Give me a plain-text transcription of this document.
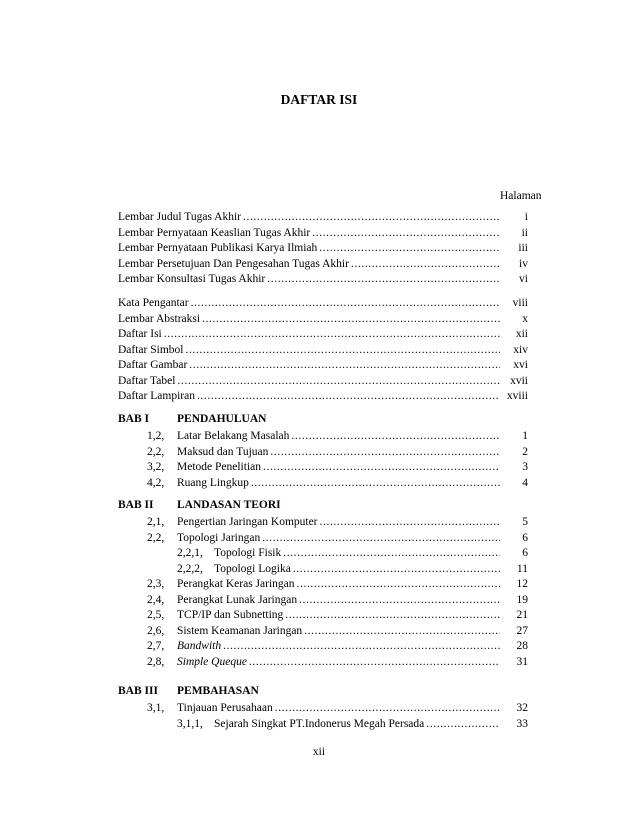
DAFTAR ISI
Halaman
Lembar Judul Tugas Akhir .....	i
Lembar Pernyataan Keaslian Tugas Akhir .....	ii
Lembar Pernyataan Publikasi Karya Ilmiah .....	iii
Lembar Persetujuan Dan Pengesahan Tugas Akhir .....	iv
Lembar Konsultasi Tugas Akhir .....	vi
Kata Pengantar .....	viii
Lembar Abstraksi .....	x
Daftar Isi .....	xii
Daftar Simbol .....	xiv
Daftar Gambar .....	xvi
Daftar Tabel .....	xvii
Daftar Lampiran .....	xviii
BAB I PENDAHULUAN
1,2, Latar Belakang Masalah .....	1
2,2, Maksud dan Tujuan .....	2
3,2, Metode Penelitian .....	3
4,2, Ruang Lingkup .....	4
BAB II LANDASAN TEORI
2,1, Pengertian Jaringan Komputer .....	5
2,2, Topologi Jaringan .....	6
2,2,1, Topologi Fisik .....	6
2,2,2, Topologi Logika .....	11
2,3, Perangkat Keras Jaringan .....	12
2,4, Perangkat Lunak Jaringan .....	19
2,5, TCP/IP dan Subnetting .....	21
2,6, Sistem Keamanan Jaringan .....	27
2,7, Bandwith .....	28
2,8, Simple Queque .....	31
BAB III PEMBAHASAN
3,1, Tinjauan Perusahaan .....	32
3,1,1, Sejarah Singkat PT.Indonerus Megah Persada .....	33
xii
